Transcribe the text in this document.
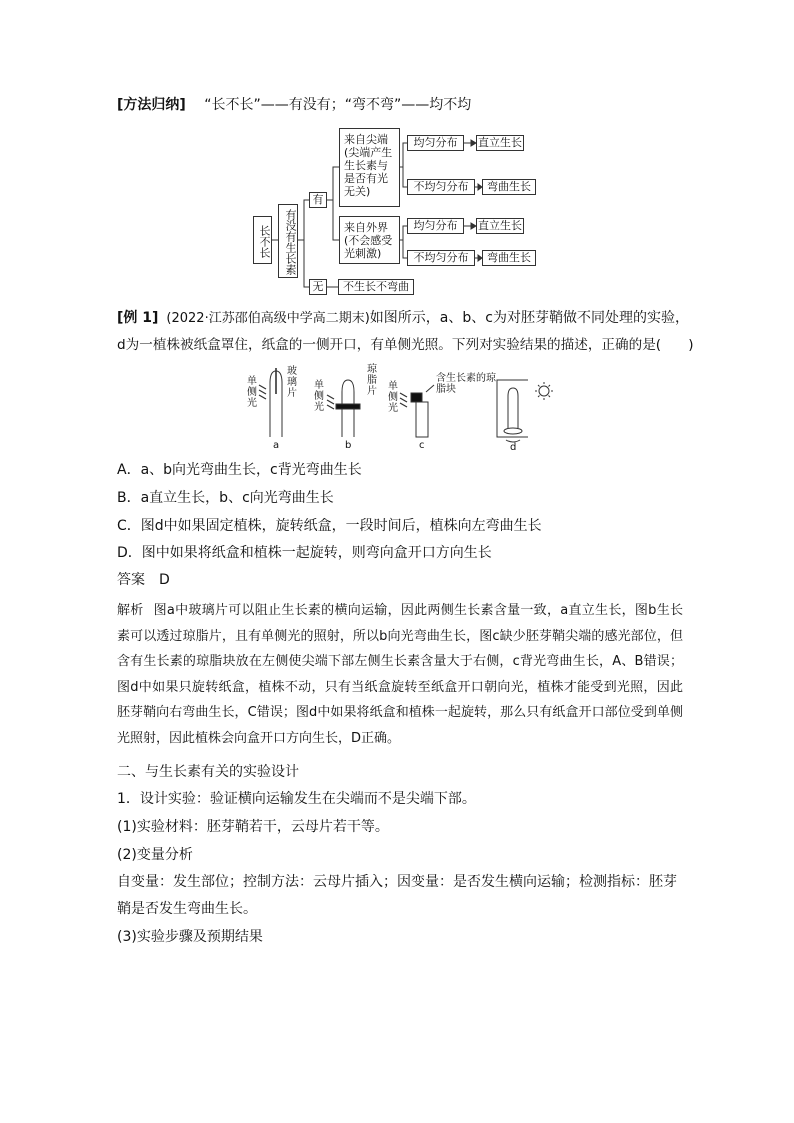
[方法归纳] “长不长”——有没有；“弯不弯”——均不均
长不长	有没有生长素
有
无
来自尖端
(尖端产生
生长素与
是否有光
无关)
来自外界
(不会感受
光刺激)
均匀分布	直立生长
不均匀分布	弯曲生长
均匀分布	直立生长
不均匀分布	弯曲生长
不生长不弯曲
[例 1] (2022·江苏邵伯高级中学高二期末)如图所示，a、b、c为对胚芽鞘做不同处理的实验，
d为一植株被纸盒罩住，纸盒的一侧开口，有单侧光照。下列对实验结果的描述，正确的是(　　)
单侧光
玻璃片
单侧光
琼脂片 单侧光
含生长素的琼脂块
a	b	c	d
A．a、b向光弯曲生长，c背光弯曲生长
B．a直立生长，b、c向光弯曲生长
C．图d中如果固定植株，旋转纸盒，一段时间后，植株向左弯曲生长
D．图中如果将纸盒和植株一起旋转，则弯向盒开口方向生长
答案　D
解析 图a中玻璃片可以阻止生长素的横向运输，因此两侧生长素含量一致，a直立生长，图b生长素可以透过琼脂片，且有单侧光的照射，所以b向光弯曲生长，图c缺少胚芽鞘尖端的感光部位，但含有生长素的琼脂块放在左侧使尖端下部左侧生长素含量大于右侧，c背光弯曲生长，A、B错误；图d中如果只旋转纸盒，植株不动，只有当纸盒旋转至纸盒开口朝向光，植株才能受到光照，因此胚芽鞘向右弯曲生长，C错误；图d中如果将纸盒和植株一起旋转，那么只有纸盒开口部位受到单侧光照射，因此植株会向盒开口方向生长，D正确。
二、与生长素有关的实验设计
1．设计实验：验证横向运输发生在尖端而不是尖端下部。
(1)实验材料：胚芽鞘若干，云母片若干等。
(2)变量分析
自变量：发生部位；控制方法：云母片插入；因变量：是否发生横向运输；检测指标：胚芽
鞘是否发生弯曲生长。
(3)实验步骤及预期结果
